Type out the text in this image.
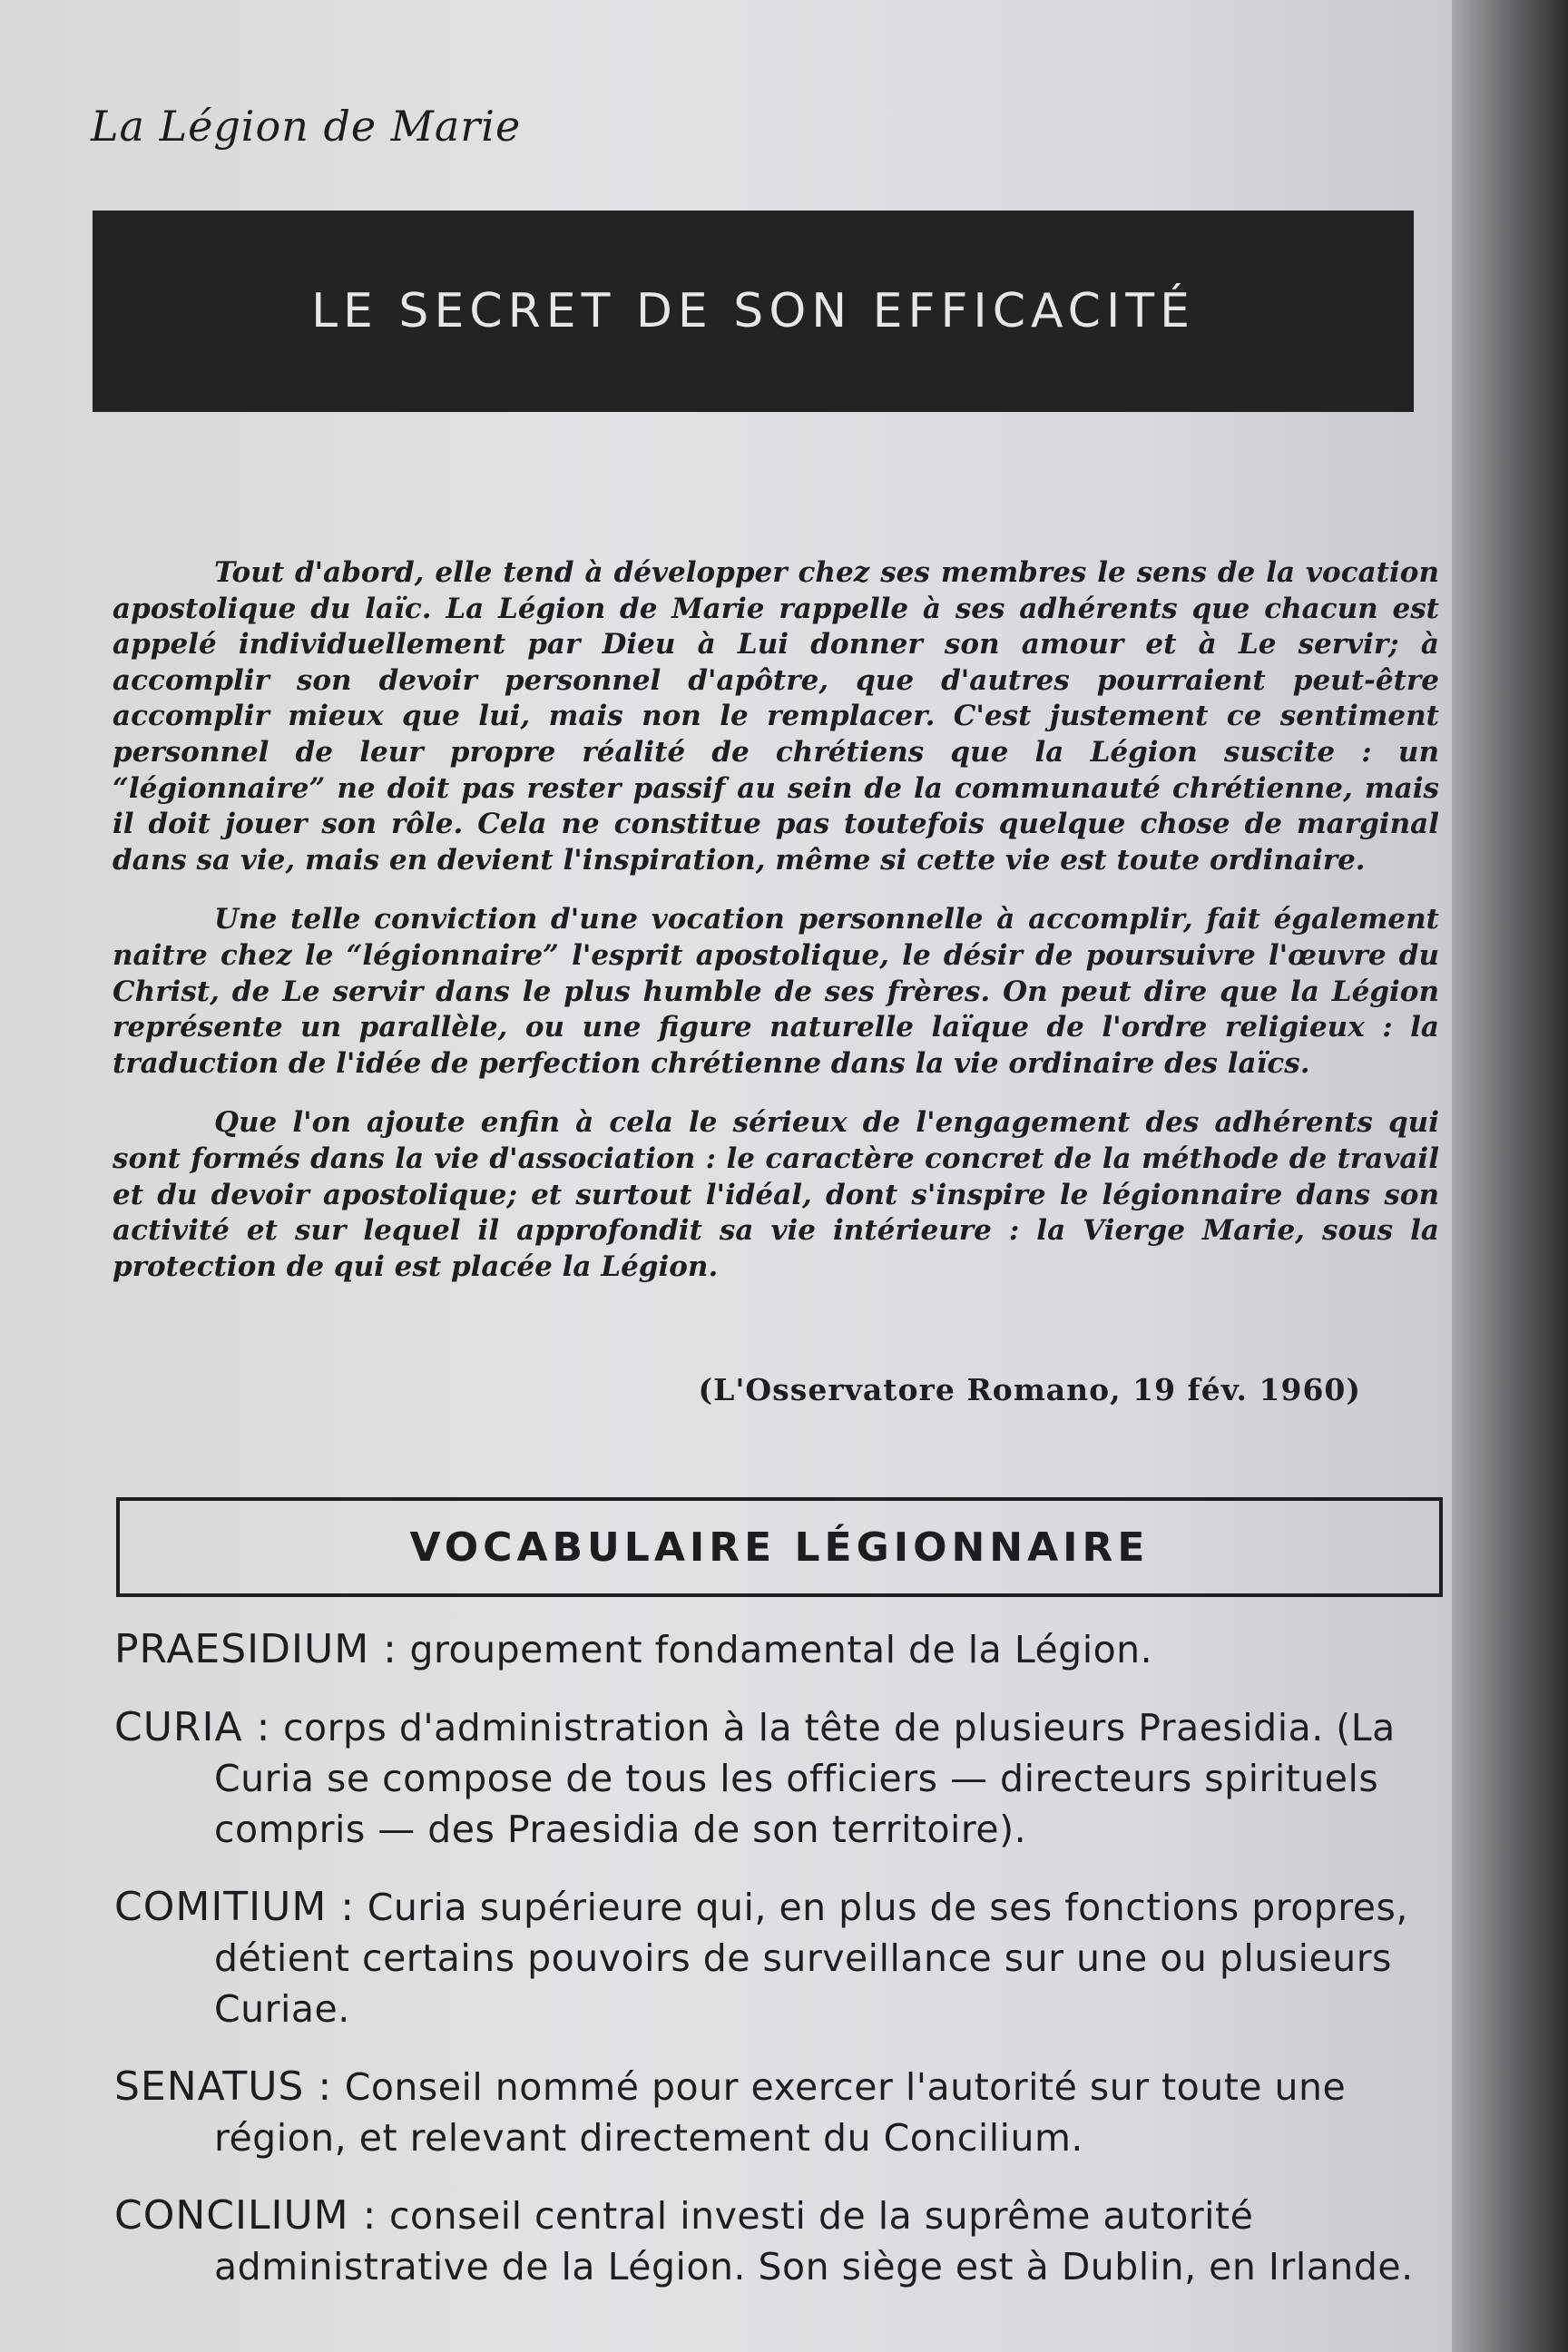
La Légion de Marie
LE SECRET DE SON EFFICACITÉ

Tout d'abord, elle tend à développer chez ses membres le sens de la vocation apostolique du laïc. La Légion de Marie rappelle à ses adhérents que chacun est appelé individuellement par Dieu à Lui donner son amour et à Le servir; à accomplir son devoir personnel d'apôtre, que d'autres pourraient peut-être accomplir mieux que lui, mais non le remplacer. C'est justement ce sentiment personnel de leur propre réalité de chrétiens que la Légion suscite : un “légionnaire” ne doit pas rester passif au sein de la communauté chrétienne, mais il doit jouer son rôle. Cela ne constitue pas toutefois quelque chose de marginal dans sa vie, mais en devient l'inspiration, même si cette vie est toute ordinaire.

Une telle conviction d'une vocation personnelle à accomplir, fait également naitre chez le “légionnaire” l'esprit apostolique, le désir de poursuivre l'œuvre du Christ, de Le servir dans le plus humble de ses frères. On peut dire que la Légion représente un parallèle, ou une figure naturelle laïque de l'ordre religieux : la traduction de l'idée de perfection chrétienne dans la vie ordinaire des laïcs.

Que l'on ajoute enfin à cela le sérieux de l'engagement des adhérents qui sont formés dans la vie d'association : le caractère concret de la méthode de travail et du devoir apostolique; et surtout l'idéal, dont s'inspire le légionnaire dans son activité et sur lequel il approfondit sa vie intérieure : la Vierge Marie, sous la protection de qui est placée la Légion.

(L'Osservatore Romano, 19 fév. 1960)
VOCABULAIRE LÉGIONNAIRE
PRAESIDIUM : groupement fondamental de la Légion.
CURIA : corps d'administration à la tête de plusieurs Praesidia. (La Curia se compose de tous les officiers — directeurs spirituels compris — des Praesidia de son territoire).
COMITIUM : Curia supérieure qui, en plus de ses fonctions propres, détient certains pouvoirs de surveillance sur une ou plusieurs Curiae.
SENATUS : Conseil nommé pour exercer l'autorité sur toute une région, et relevant directement du Concilium.
CONCILIUM : conseil central investi de la suprême autorité administrative de la Légion. Son siège est à Dublin, en Irlande.
